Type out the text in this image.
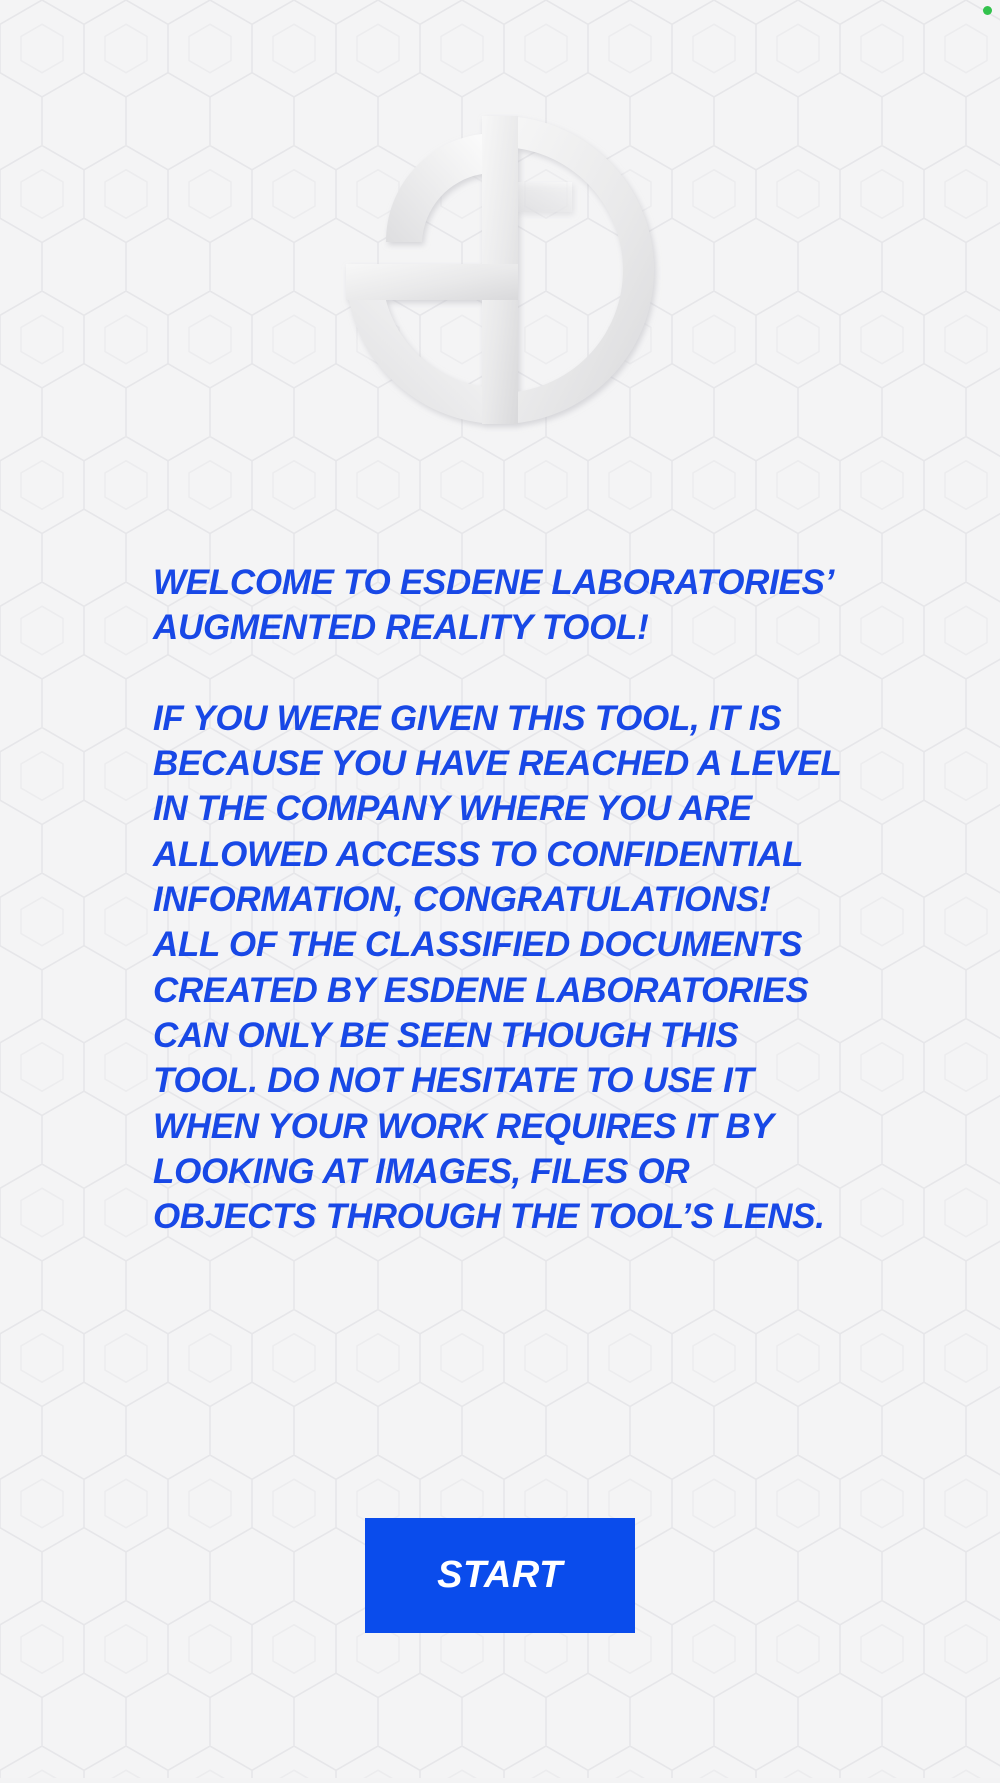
WELCOME TO ESDENE LABORATORIES’
AUGMENTED REALITY TOOL!

IF YOU WERE GIVEN THIS TOOL, IT IS
BECAUSE YOU HAVE REACHED A LEVEL
IN THE COMPANY WHERE YOU ARE
ALLOWED ACCESS TO CONFIDENTIAL
INFORMATION, CONGRATULATIONS!
ALL OF THE CLASSIFIED DOCUMENTS
CREATED BY ESDENE LABORATORIES
CAN ONLY BE SEEN THOUGH THIS
TOOL. DO NOT HESITATE TO USE IT
WHEN YOUR WORK REQUIRES IT BY
LOOKING AT IMAGES, FILES OR
OBJECTS THROUGH THE TOOL’S LENS.

START
